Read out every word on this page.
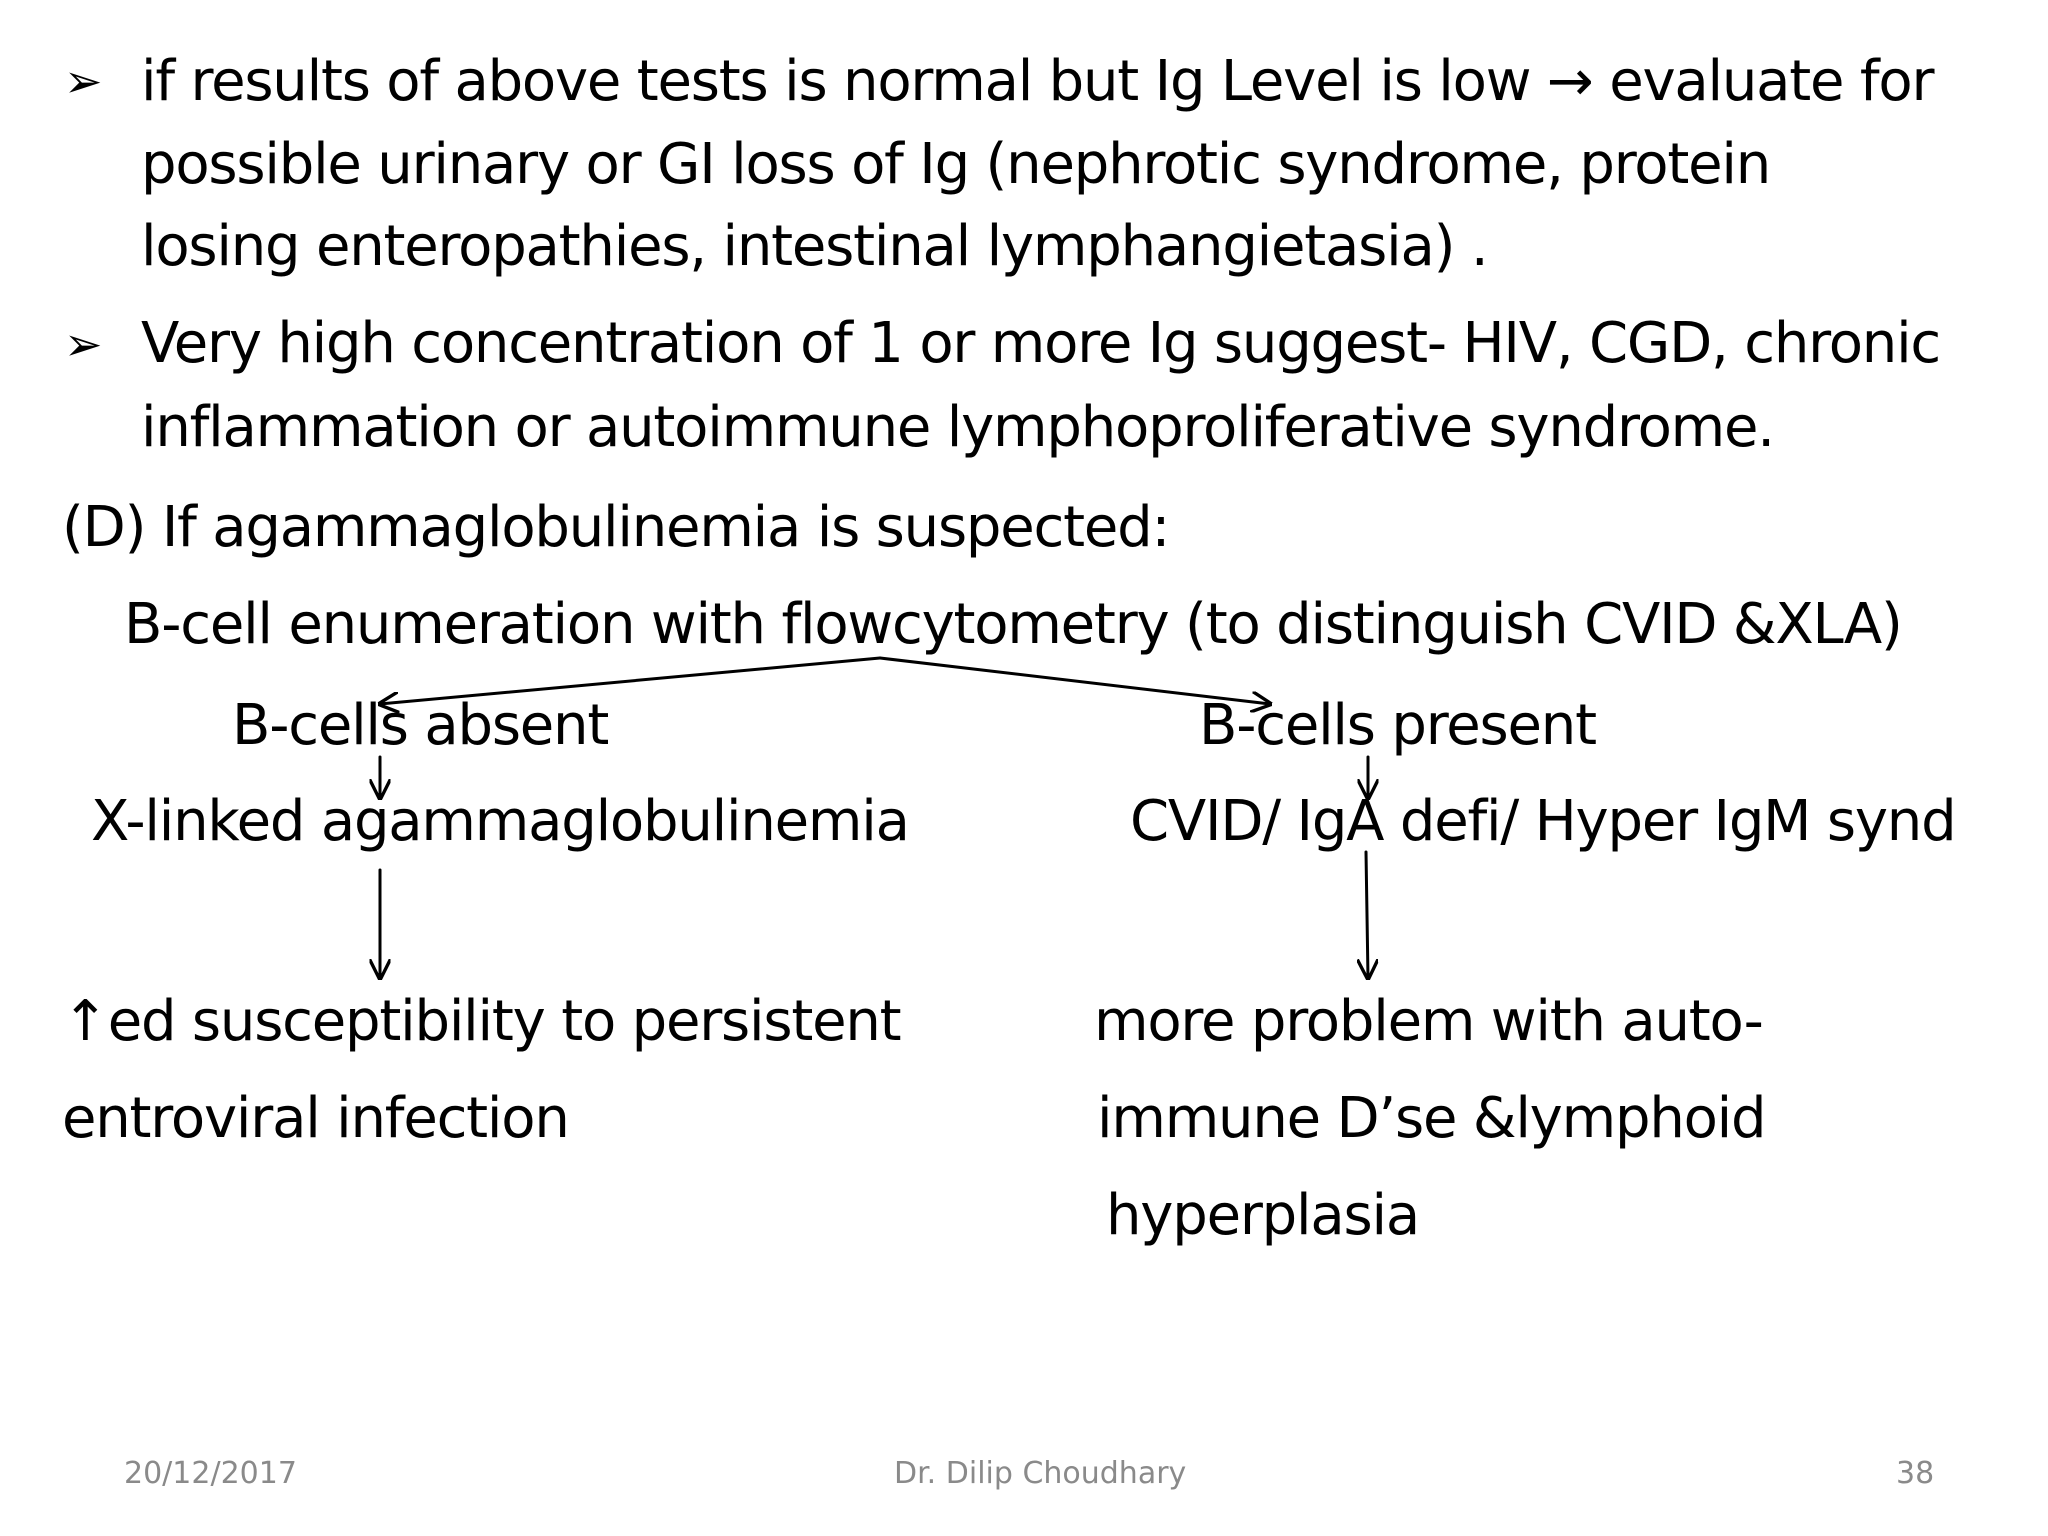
➢ if results of above tests is normal but Ig Level is low → evaluate for
possible urinary or GI loss of Ig (nephrotic syndrome, protein
losing enteropathies, intestinal lymphangietasia) .
➢ Very high concentration of 1 or more Ig suggest- HIV, CGD, chronic
inflammation or autoimmune lymphoproliferative syndrome.
(D) If agammaglobulinemia is suspected:
B-cell enumeration with flowcytometry (to distinguish CVID &XLA)
B-cells absent	B-cells present
X-linked agammaglobulinemia	CVID/ IgA defi/ Hyper IgM synd
↑ed susceptibility to persistent
entroviral infection
more problem with auto-
immune D’se &lymphoid
hyperplasia
20/12/2017	Dr. Dilip Choudhary	38
